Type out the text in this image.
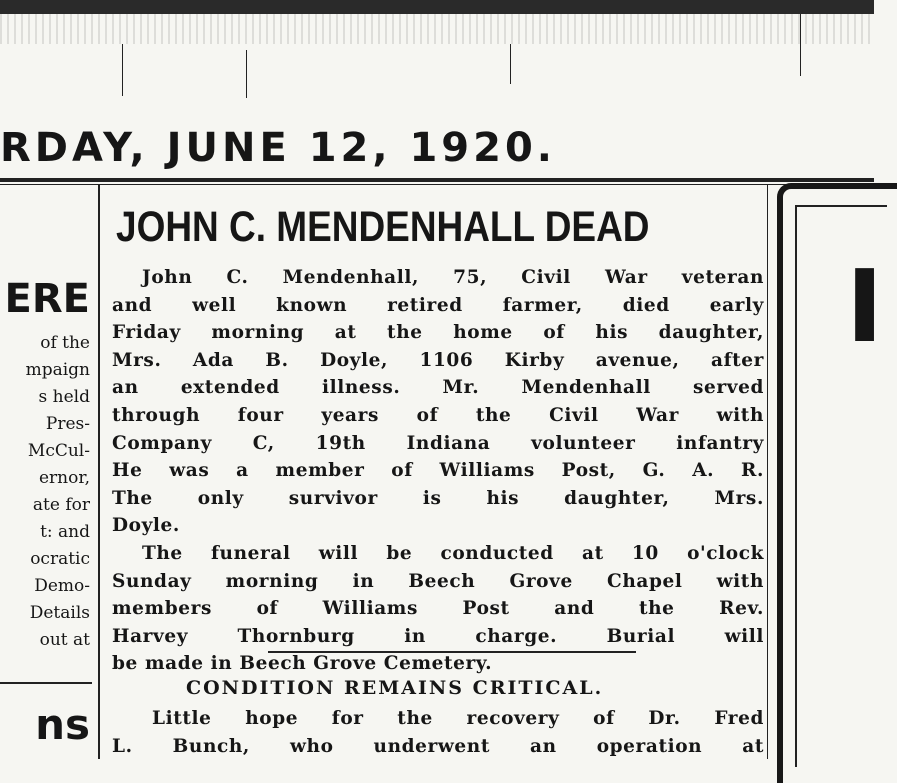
RDAY, JUNE 12, 1920.
ERE
of the
mpaign
s held
Pres-
McCul-
ernor,
ate for
t: and
ocratic
Demo-
Details
out at
ns
JOHN C. MENDENHALL DEAD
John C. Mendenhall, 75, Civil War veteran
and well known retired farmer, died early
Friday morning at the home of his daughter,
Mrs. Ada B. Doyle, 1106 Kirby avenue, after
an extended illness. Mr. Mendenhall served
through four years of the Civil War with
Company C, 19th Indiana volunteer infantry
He was a member of Williams Post, G. A. R.
The only survivor is his daughter, Mrs.
Doyle.
The funeral will be conducted at 10 o'clock
Sunday morning in Beech Grove Chapel with
members of Williams Post and the Rev.
Harvey Thornburg in charge. Burial will
be made in Beech Grove Cemetery.
CONDITION REMAINS CRITICAL.
Little hope for the recovery of Dr. Fred
L. Bunch, who underwent an operation at
I
